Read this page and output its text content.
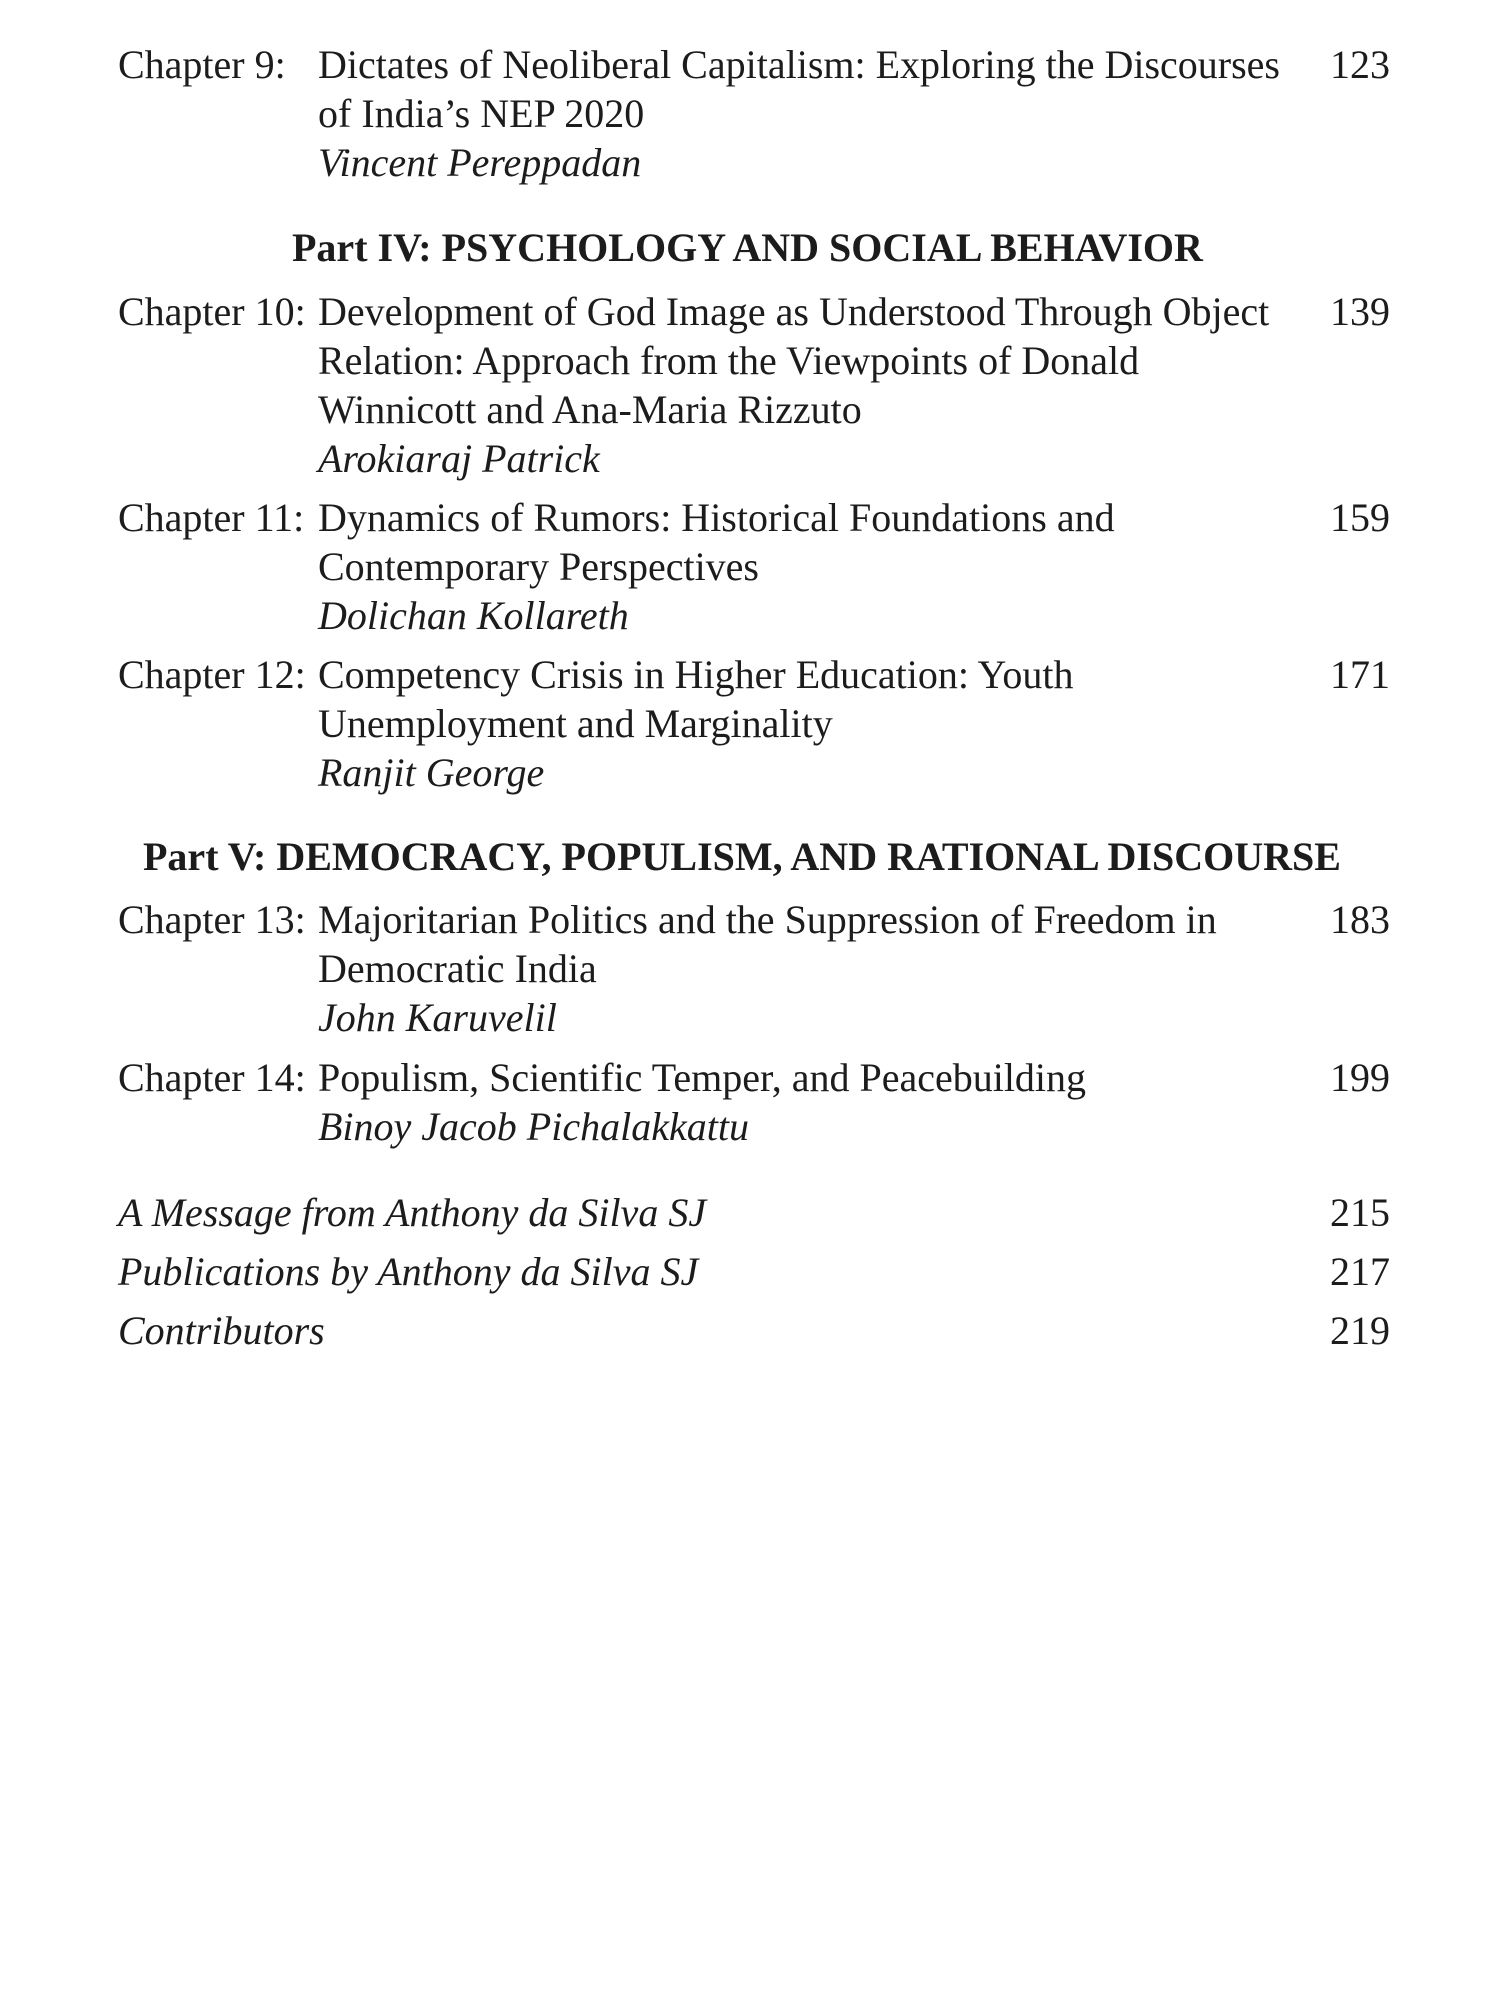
Chapter 9: Dictates of Neoliberal Capitalism: Exploring the Discourses
of India’s NEP 2020
Vincent Pereppadan
123
Part IV: PSYCHOLOGY AND SOCIAL BEHAVIOR
Chapter 10: Development of God Image as Understood Through Object
Relation: Approach from the Viewpoints of Donald
Winnicott and Ana-Maria Rizzuto
Arokiaraj Patrick
139
Chapter 11: Dynamics of Rumors: Historical Foundations and
Contemporary Perspectives
Dolichan Kollareth
159
Chapter 12: Competency Crisis in Higher Education: Youth
Unemployment and Marginality
Ranjit George
171
Part V: DEMOCRACY, POPULISM, AND RATIONAL DISCOURSE
Chapter 13: Majoritarian Politics and the Suppression of Freedom in
Democratic India
John Karuvelil
183
Chapter 14: Populism, Scientific Temper, and Peacebuilding
Binoy Jacob Pichalakkattu
199
A Message from Anthony da Silva SJ	215
Publications by Anthony da Silva SJ	217
Contributors	219
